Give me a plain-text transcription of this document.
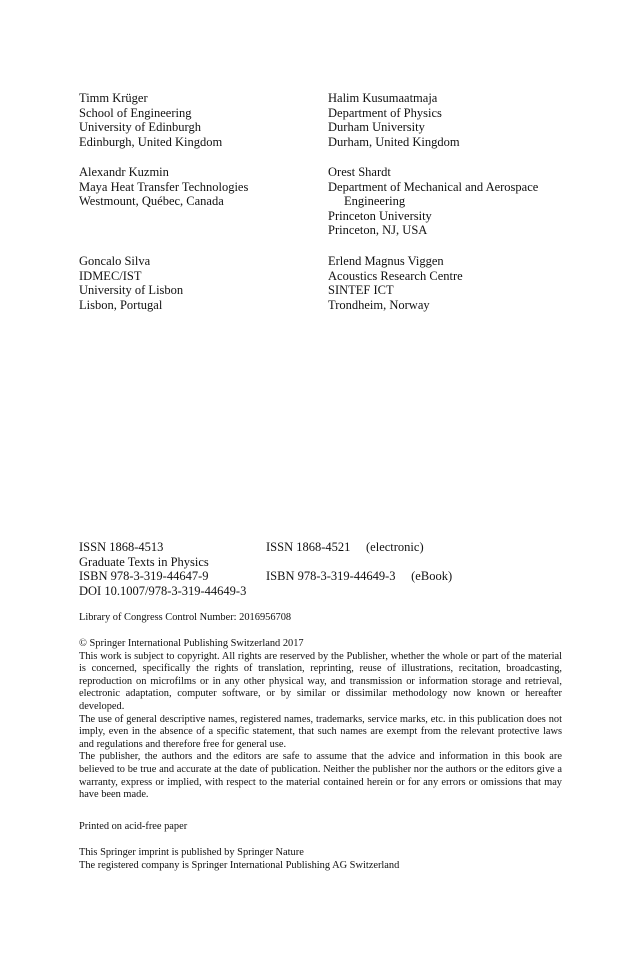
Timm Krüger
School of Engineering
University of Edinburgh
Edinburgh, United Kingdom
Halim Kusumaatmaja
Department of Physics
Durham University
Durham, United Kingdom
Alexandr Kuzmin
Maya Heat Transfer Technologies
Westmount, Québec, Canada
Orest Shardt
Department of Mechanical and Aerospace
Engineering
Princeton University
Princeton, NJ, USA
Goncalo Silva
IDMEC/IST
University of Lisbon
Lisbon, Portugal
Erlend Magnus Viggen
Acoustics Research Centre
SINTEF ICT
Trondheim, Norway
ISSN 1868-4513	ISSN 1868-4521 (electronic)
Graduate Texts in Physics
ISBN 978-3-319-44647-9	ISBN 978-3-319-44649-3 (eBook)
DOI 10.1007/978-3-319-44649-3
Library of Congress Control Number: 2016956708
© Springer International Publishing Switzerland 2017
This work is subject to copyright. All rights are reserved by the Publisher, whether the whole or part of the material is concerned, specifically the rights of translation, reprinting, reuse of illustrations, recitation, broadcasting, reproduction on microfilms or in any other physical way, and transmission or information storage and retrieval, electronic adaptation, computer software, or by similar or dissimilar methodology now known or hereafter developed.
The use of general descriptive names, registered names, trademarks, service marks, etc. in this publication does not imply, even in the absence of a specific statement, that such names are exempt from the relevant protective laws and regulations and therefore free for general use.
The publisher, the authors and the editors are safe to assume that the advice and information in this book are believed to be true and accurate at the date of publication. Neither the publisher nor the authors or the editors give a warranty, express or implied, with respect to the material contained herein or for any errors or omissions that may have been made.
Printed on acid-free paper
This Springer imprint is published by Springer Nature
The registered company is Springer International Publishing AG Switzerland
